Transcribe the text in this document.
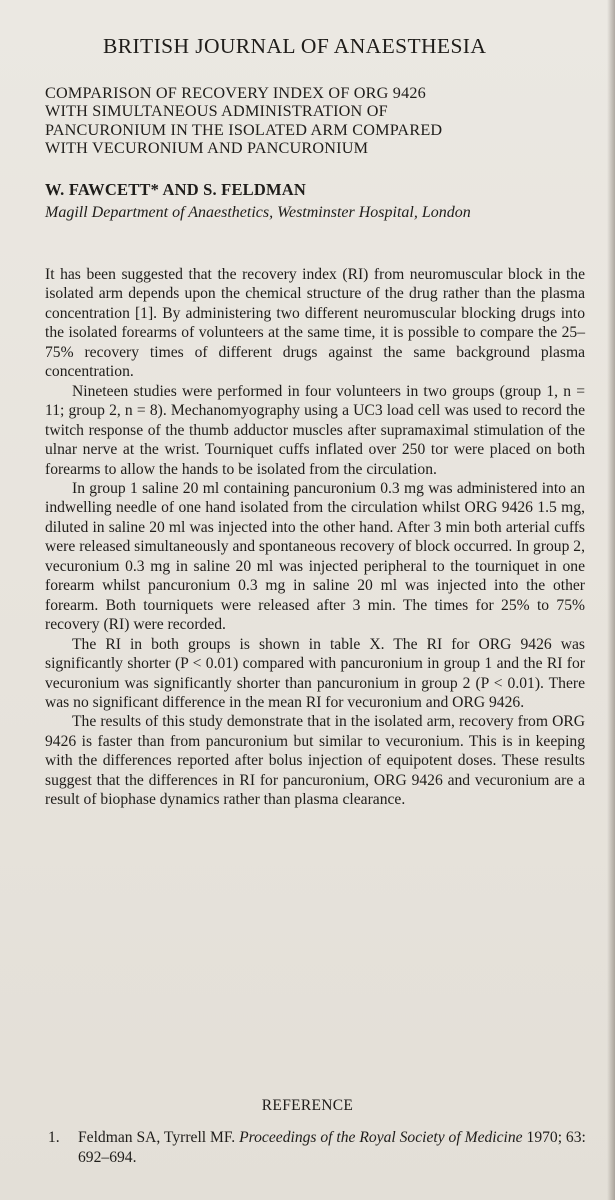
BRITISH JOURNAL OF ANAESTHESIA
COMPARISON OF RECOVERY INDEX OF ORG 9426
WITH SIMULTANEOUS ADMINISTRATION OF
PANCURONIUM IN THE ISOLATED ARM COMPARED
WITH VECURONIUM AND PANCURONIUM
W. FAWCETT* AND S. FELDMAN
Magill Department of Anaesthetics, Westminster Hospital, London

It has been suggested that the recovery index (RI) from neuromuscular block in the isolated arm depends upon the chemical structure of the drug rather than the plasma concentration [1]. By administering two different neuromuscular blocking drugs into the isolated forearms of volunteers at the same time, it is possible to compare the 25–75% recovery times of different drugs against the same background plasma concentration.

Nineteen studies were performed in four volunteers in two groups (group 1, n = 11; group 2, n = 8). Mechanomyography using a UC3 load cell was used to record the twitch response of the thumb adductor muscles after supramaximal stimulation of the ulnar nerve at the wrist. Tourniquet cuffs inflated over 250 tor were placed on both forearms to allow the hands to be isolated from the circulation.

In group 1 saline 20 ml containing pancuronium 0.3 mg was administered into an indwelling needle of one hand isolated from the circulation whilst ORG 9426 1.5 mg, diluted in saline 20 ml was injected into the other hand. After 3 min both arterial cuffs were released simultaneously and spontaneous recovery of block occurred. In group 2, vecuronium 0.3 mg in saline 20 ml was injected peripheral to the tourniquet in one forearm whilst pancuronium 0.3 mg in saline 20 ml was injected into the other forearm. Both tourniquets were released after 3 min. The times for 25% to 75% recovery (RI) were recorded.

The RI in both groups is shown in table X. The RI for ORG 9426 was significantly shorter (P < 0.01) compared with pancuronium in group 1 and the RI for vecuronium was significantly shorter than pancuronium in group 2 (P < 0.01). There was no significant difference in the mean RI for vecuronium and ORG 9426.

The results of this study demonstrate that in the isolated arm, recovery from ORG 9426 is faster than from pancuronium but similar to vecuronium. This is in keeping with the differences reported after bolus injection of equipotent doses. These results suggest that the differences in RI for pancuronium, ORG 9426 and vecuronium are a result of biophase dynamics rather than plasma clearance.

REFERENCE
1. Feldman SA, Tyrrell MF. Proceedings of the Royal Society of Medicine 1970; 63: 692–694.
